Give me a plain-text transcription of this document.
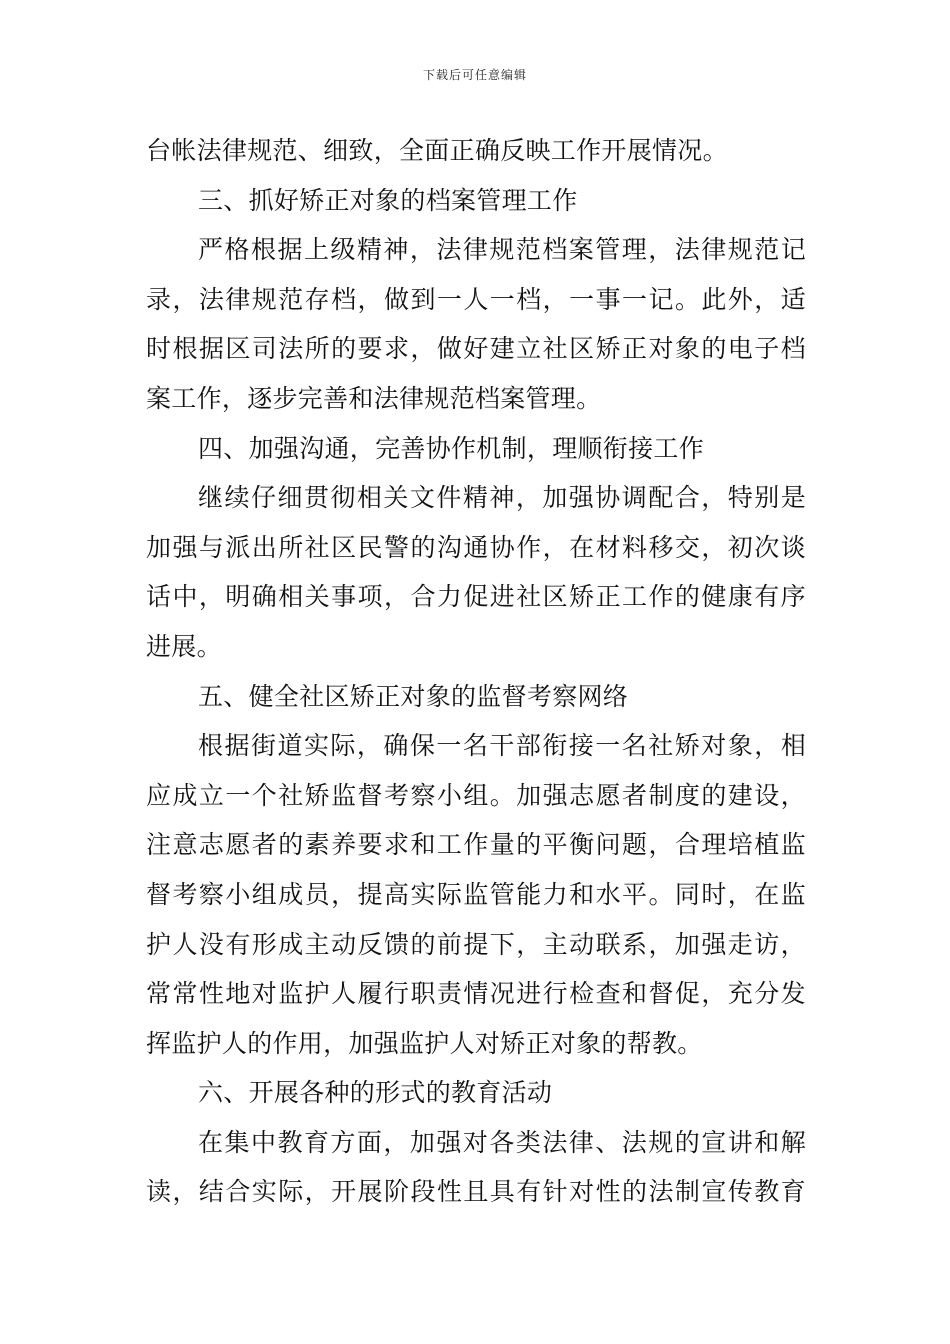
下载后可任意编辑
台帐法律规范、细致，全面正确反映工作开展情况。
三、抓好矫正对象的档案管理工作
严格根据上级精神，法律规范档案管理，法律规范记
录，法律规范存档，做到一人一档，一事一记。此外，适
时根据区司法所的要求，做好建立社区矫正对象的电子档
案工作，逐步完善和法律规范档案管理。
四、加强沟通，完善协作机制，理顺衔接工作
继续仔细贯彻相关文件精神，加强协调配合，特别是
加强与派出所社区民警的沟通协作，在材料移交，初次谈
话中，明确相关事项，合力促进社区矫正工作的健康有序
进展。
五、健全社区矫正对象的监督考察网络
根据街道实际，确保一名干部衔接一名社矫对象，相
应成立一个社矫监督考察小组。加强志愿者制度的建设，
注意志愿者的素养要求和工作量的平衡问题，合理培植监
督考察小组成员，提高实际监管能力和水平。同时，在监
护人没有形成主动反馈的前提下，主动联系，加强走访，
常常性地对监护人履行职责情况进行检查和督促，充分发
挥监护人的作用，加强监护人对矫正对象的帮教。
六、开展各种的形式的教育活动
在集中教育方面，加强对各类法律、法规的宣讲和解
读，结合实际，开展阶段性且具有针对性的法制宣传教育
